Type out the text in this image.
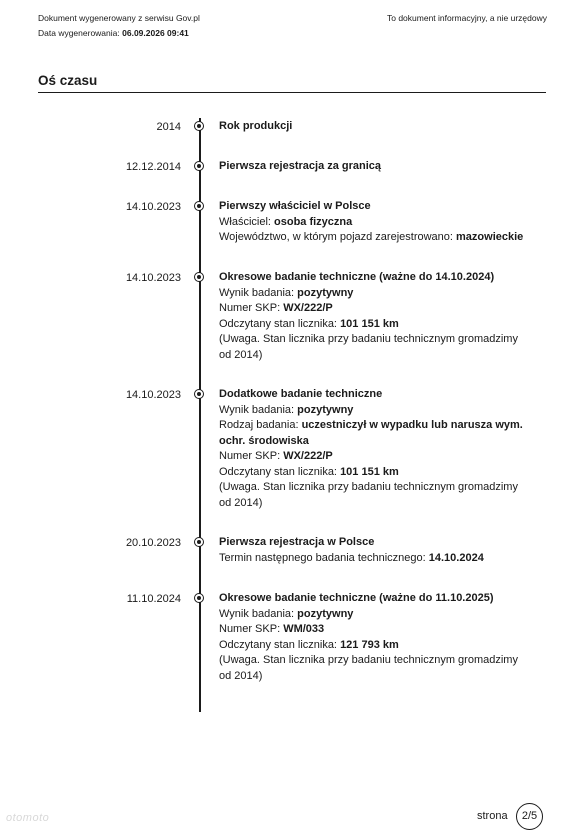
Dokument wygenerowany z serwisu Gov.pl
Data wygenerowania: 06.09.2026 09:41
To dokument informacyjny, a nie urzędowy
Oś czasu
2014	Rok produkcji
12.12.2014	Pierwsza rejestracja za granicą
14.10.2023	Pierwszy właściciel w Polsce
Właściciel: osoba fizyczna
Województwo, w którym pojazd zarejestrowano: mazowieckie
14.10.2023	Okresowe badanie techniczne (ważne do 14.10.2024)
Wynik badania: pozytywny
Numer SKP: WX/222/P
Odczytany stan licznika: 101 151 km
(Uwaga. Stan licznika przy badaniu technicznym gromadzimy od 2014)
14.10.2023	Dodatkowe badanie techniczne
Wynik badania: pozytywny
Rodzaj badania: uczestniczył w wypadku lub narusza wym. ochr. środowiska
Numer SKP: WX/222/P
Odczytany stan licznika: 101 151 km
(Uwaga. Stan licznika przy badaniu technicznym gromadzimy od 2014)
20.10.2023	Pierwsza rejestracja w Polsce
Termin następnego badania technicznego: 14.10.2024
11.10.2024	Okresowe badanie techniczne (ważne do 11.10.2025)
Wynik badania: pozytywny
Numer SKP: WM/033
Odczytany stan licznika: 121 793 km
(Uwaga. Stan licznika przy badaniu technicznym gromadzimy od 2014)
otomoto	strona	2/5
